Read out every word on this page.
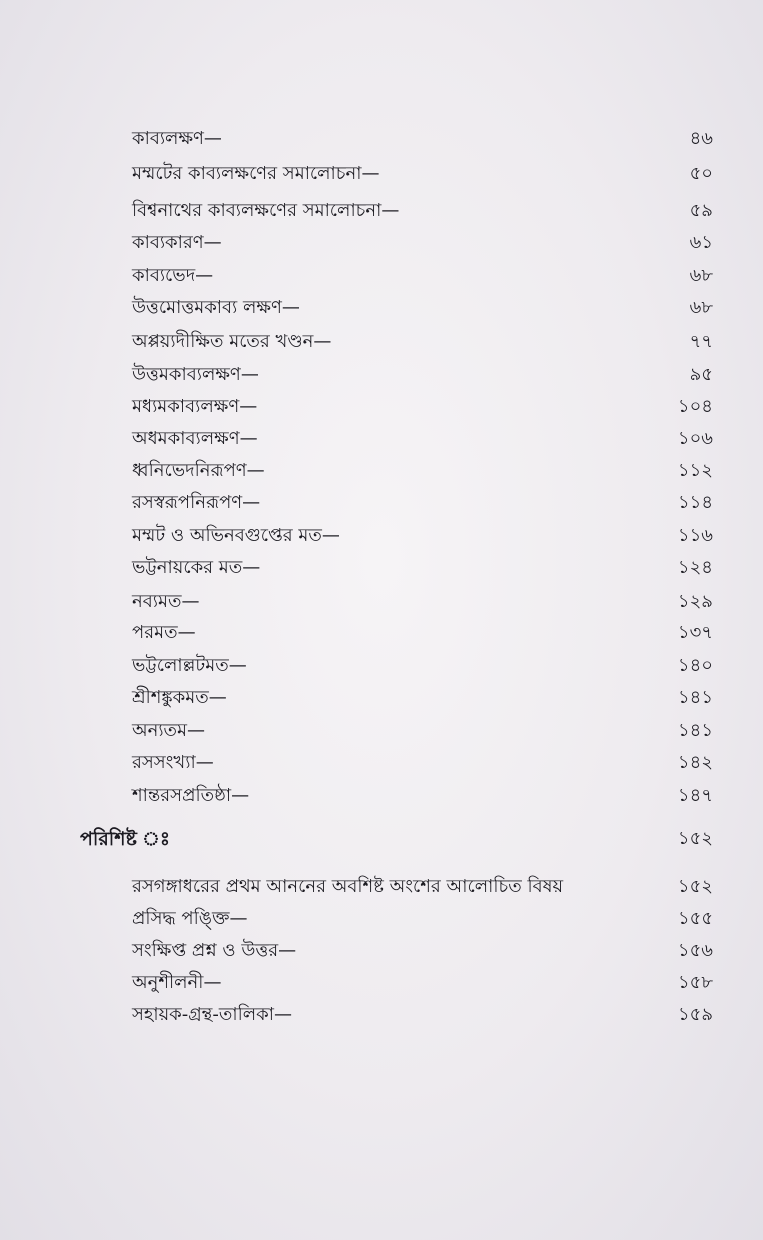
কাব্যলক্ষণ—	৪৬
মম্মটের কাব্যলক্ষণের সমালোচনা—	৫০
বিশ্বনাথের কাব্যলক্ষণের সমালোচনা—	৫৯
কাব্যকারণ—	৬১
কাব্যভেদ—	৬৮
উত্তমোত্তমকাব্য লক্ষণ—	৬৮
অপ্পয়্যদীক্ষিত মতের খণ্ডন—	৭৭
উত্তমকাব্যলক্ষণ—	৯৫
মধ্যমকাব্যলক্ষণ—	১০৪
অধমকাব্যলক্ষণ—	১০৬
ধ্বনিভেদনিরূপণ—	১১২
রসস্বরূপনিরূপণ—	১১৪
মম্মট ও অভিনবগুপ্তের মত—	১১৬
ভট্টনায়কের মত—	১২৪
নব্যমত—	১২৯
পরমত—	১৩৭
ভট্টলোল্লটমত—	১৪০
শ্রীশঙ্কুকমত—	১৪১
অন্যতম—	১৪১
রসসংখ্যা—	১৪২
শান্তরসপ্রতিষ্ঠা—	১৪৭
পরিশিষ্ট ঃ	১৫২
রসগঙ্গাধরের প্রথম আননের অবশিষ্ট অংশের আলোচিত বিষয়	১৫২
প্রসিদ্ধ পঙ্ক্তি—	১৫৫
সংক্ষিপ্ত প্রশ্ন ও উত্তর—	১৫৬
অনুশীলনী—	১৫৮
সহায়ক-গ্রন্থ-তালিকা—	১৫৯
